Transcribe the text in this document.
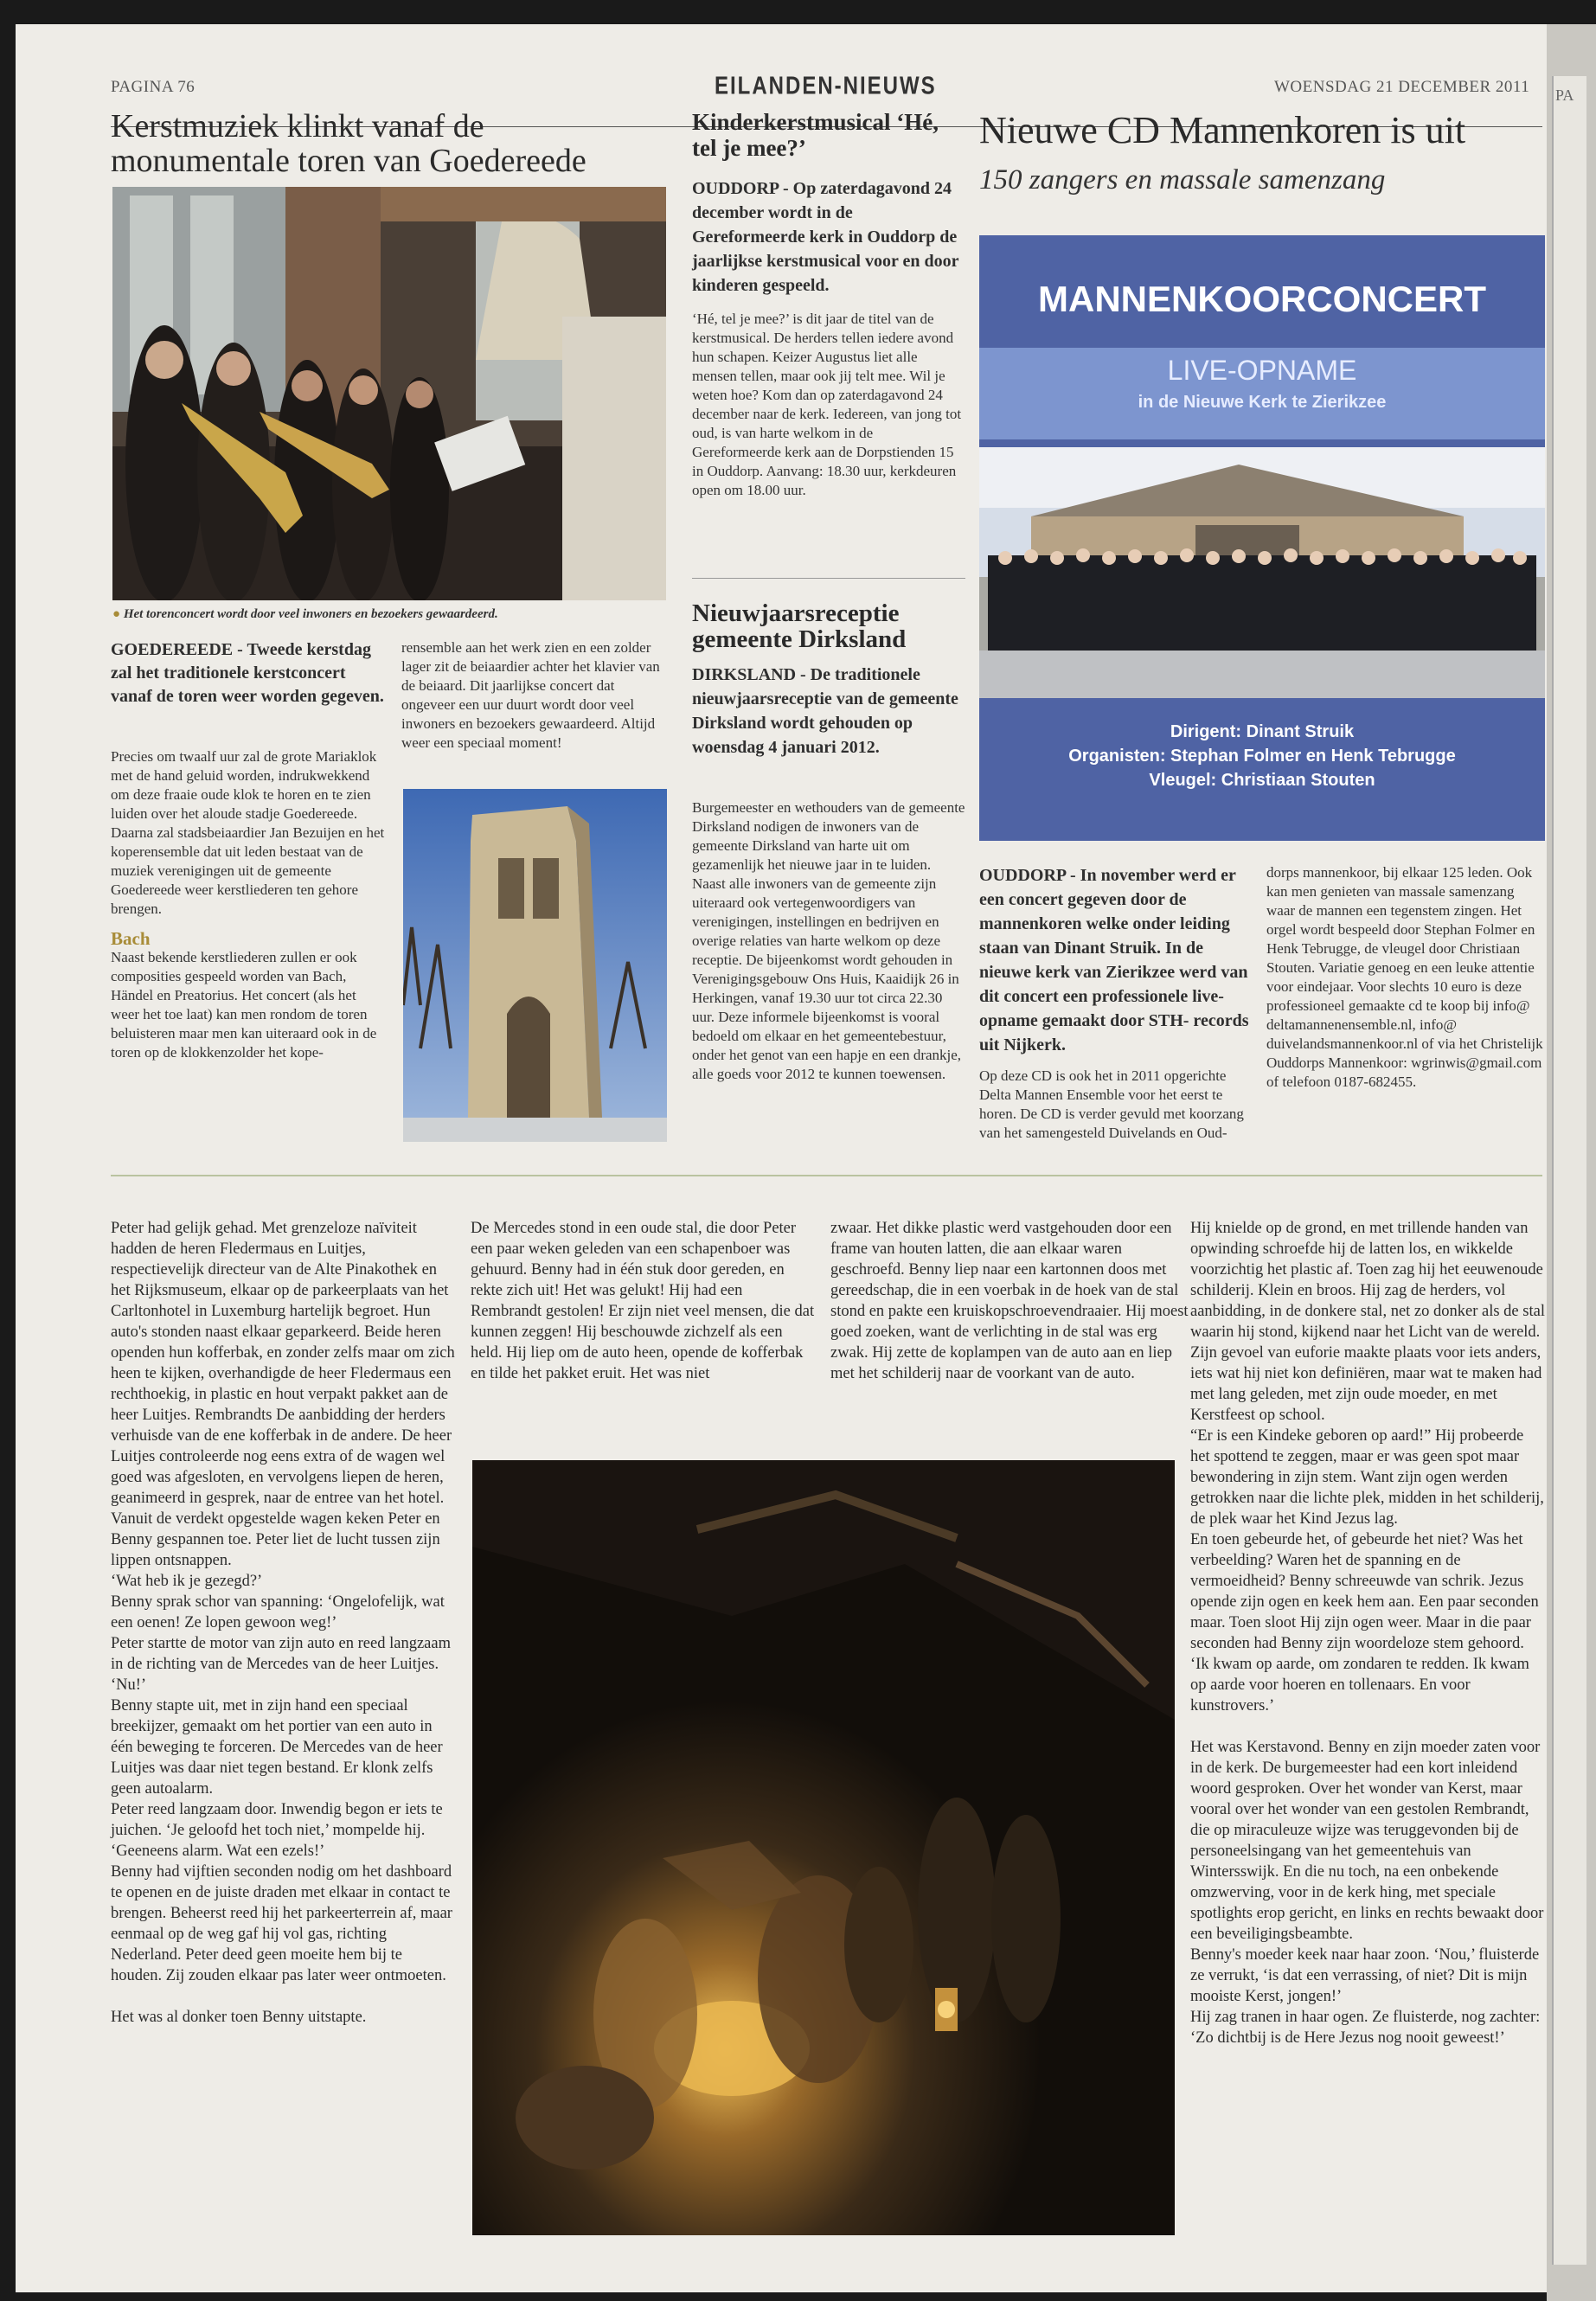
PAGINA 76	EILANDEN-NIEUWS	WOENSDAG 21 DECEMBER 2011
Kerstmuziek klinkt vanaf de monumentale toren van Goedereede
● Het torenconcert wordt door veel inwoners en bezoekers gewaardeerd.
GOEDEREEDE - Tweede kerstdag zal het traditionele kerstconcert vanaf de toren weer worden gegeven.

Precies om twaalf uur zal de grote Mariaklok met de hand geluid worden, indrukwekkend om deze fraaie oude klok te horen en te zien luiden over het aloude stadje Goedereede. Daarna zal stadsbeiaardier Jan Bezuijen en het koperensemble dat uit leden bestaat van de muziek verenigingen uit de gemeente Goedereede weer kerstliederen ten gehore brengen.

Bach

Naast bekende kerstliederen zullen er ook composities gespeeld worden van Bach, Händel en Preatorius. Het concert (als het weer het toe laat) kan men rondom de toren beluisteren maar men kan uiteraard ook in de toren op de klokkenzolder het kope-

rensemble aan het werk zien en een zolder lager zit de beiaardier achter het klavier van de beiaard. Dit jaarlijkse concert dat ongeveer een uur duurt wordt door veel inwoners en bezoekers gewaardeerd. Altijd weer een speciaal moment!
Kinderkerstmusical ‘Hé, tel je mee?’
OUDDORP - Op zaterdagavond 24 december wordt in de Gereformeerde kerk in Ouddorp de jaarlijkse kerstmusical voor en door kinderen gespeeld.
‘Hé, tel je mee?’ is dit jaar de titel van de kerstmusical. De herders tellen iedere avond hun schapen. Keizer Augustus liet alle mensen tellen, maar ook jij telt mee. Wil je weten hoe? Kom dan op zaterdagavond 24 december naar de kerk. Iedereen, van jong tot oud, is van harte welkom in de Gereformeerde kerk aan de Dorpstienden 15 in Ouddorp. Aanvang: 18.30 uur, kerkdeuren open om 18.00 uur.
Nieuwjaarsreceptie gemeente Dirksland
DIRKSLAND - De traditionele nieuwjaarsreceptie van de gemeente Dirksland wordt gehouden op woensdag 4 januari 2012.
Burgemeester en wethouders van de gemeente Dirksland nodigen de inwoners van de gemeente Dirksland van harte uit om gezamenlijk het nieuwe jaar in te luiden. Naast alle inwoners van de gemeente zijn uiteraard ook vertegenwoordigers van verenigingen, instellingen en bedrijven en overige relaties van harte welkom op deze receptie. De bijeenkomst wordt gehouden in Verenigingsgebouw Ons Huis, Kaaidijk 26 in Herkingen, vanaf 19.30 uur tot circa 22.30 uur. Deze informele bijeenkomst is vooral bedoeld om elkaar en het gemeentebestuur, onder het genot van een hapje en een drankje, alle goeds voor 2012 te kunnen toewensen.
Nieuwe CD Mannenkoren is uit
150 zangers en massale samenzang
MANNENKOORCONCERT
LIVE-OPNAME
in de Nieuwe Kerk te Zierikzee
Dirigent: Dinant Struik
Organisten: Stephan Folmer en Henk Tebrugge
Vleugel: Christiaan Stouten
OUDDORP - In november werd er een concert gegeven door de mannenkoren welke onder leiding staan van Dinant Struik. In de nieuwe kerk van Zierikzee werd van dit concert een professionele live-opname gemaakt door STH- records uit Nijkerk.
Op deze CD is ook het in 2011 opgerichte Delta Mannen Ensemble voor het eerst te horen. De CD is verder gevuld met koorzang van het samengesteld Duivelands en Oud-
dorps mannenkoor, bij elkaar 125 leden. Ook kan men genieten van massale samenzang waar de mannen een tegenstem zingen. Het orgel wordt bespeeld door Stephan Folmer en Henk Tebrugge, de vleugel door Christiaan Stouten. Variatie genoeg en een leuke attentie voor eindejaar. Voor slechts 10 euro is deze professioneel gemaakte cd te koop bij info@ deltamannenensemble.nl, info@ duivelandsmannenkoor.nl of via het Christelijk Ouddorps Mannenkoor: wgrinwis@gmail.com of telefoon 0187-682455.

Peter had gelijk gehad. Met grenzeloze naïviteit hadden de heren Fledermaus en Luitjes, respectievelijk directeur van de Alte Pinakothek en het Rijksmuseum, elkaar op de parkeerplaats van het Carltonhotel in Luxemburg hartelijk begroet. Hun auto's stonden naast elkaar geparkeerd. Beide heren openden hun kofferbak, en zonder zelfs maar om zich heen te kijken, overhandigde de heer Fledermaus een rechthoekig, in plastic en hout verpakt pakket aan de heer Luitjes. Rembrandts De aanbidding der herders verhuisde van de ene kofferbak in de andere. De heer Luitjes controleerde nog eens extra of de wagen wel goed was afgesloten, en vervolgens liepen de heren, geanimeerd in gesprek, naar de entree van het hotel. Vanuit de verdekt opgestelde wagen keken Peter en Benny gespannen toe. Peter liet de lucht tussen zijn lippen ontsnappen.

‘Wat heb ik je gezegd?’

Benny sprak schor van spanning: ‘Ongelofelijk, wat een oenen! Ze lopen gewoon weg!’

Peter startte de motor van zijn auto en reed langzaam in de richting van de Mercedes van de heer Luitjes.

‘Nu!’

Benny stapte uit, met in zijn hand een speciaal breekijzer, gemaakt om het portier van een auto in één beweging te forceren. De Mercedes van de heer Luitjes was daar niet tegen bestand. Er klonk zelfs geen autoalarm.

Peter reed langzaam door. Inwendig begon er iets te juichen. ‘Je geloofd het toch niet,’ mompelde hij. ‘Geeneens alarm. Wat een ezels!’

Benny had vijftien seconden nodig om het dashboard te openen en de juiste draden met elkaar in contact te brengen. Beheerst reed hij het parkeerterrein af, maar eenmaal op de weg gaf hij vol gas, richting Nederland. Peter deed geen moeite hem bij te houden. Zij zouden elkaar pas later weer ontmoeten.

Het was al donker toen Benny uitstapte.

De Mercedes stond in een oude stal, die door Peter een paar weken geleden van een schapenboer was gehuurd. Benny had in één stuk door gereden, en rekte zich uit! Het was gelukt! Hij had een Rembrandt gestolen! Er zijn niet veel mensen, die dat kunnen zeggen! Hij beschouwde zichzelf als een held. Hij liep om de auto heen, opende de kofferbak en tilde het pakket eruit. Het was niet
zwaar. Het dikke plastic werd vastgehouden door een frame van houten latten, die aan elkaar waren geschroefd. Benny liep naar een kartonnen doos met gereedschap, die in een voerbak in de hoek van de stal stond en pakte een kruiskopschroevendraaier. Hij moest goed zoeken, want de verlichting in de stal was erg zwak. Hij zette de koplampen van de auto aan en liep met het schilderij naar de voorkant van de auto.

Hij knielde op de grond, en met trillende handen van opwinding schroefde hij de latten los, en wikkelde voorzichtig het plastic af. Toen zag hij het eeuwenoude schilderij. Klein en broos. Hij zag de herders, vol aanbidding, in de donkere stal, net zo donker als de stal waarin hij stond, kijkend naar het Licht van de wereld. Zijn gevoel van euforie maakte plaats voor iets anders, iets wat hij niet kon definiëren, maar wat te maken had met lang geleden, met zijn oude moeder, en met Kerstfeest op school.

“Er is een Kindeke geboren op aard!” Hij probeerde het spottend te zeggen, maar er was geen spot maar bewondering in zijn stem. Want zijn ogen werden getrokken naar die lichte plek, midden in het schilderij, de plek waar het Kind Jezus lag.

En toen gebeurde het, of gebeurde het niet? Was het verbeelding? Waren het de spanning en de vermoeidheid? Benny schreeuwde van schrik. Jezus opende zijn ogen en keek hem aan. Een paar seconden maar. Toen sloot Hij zijn ogen weer. Maar in die paar seconden had Benny zijn woordeloze stem gehoord.

‘Ik kwam op aarde, om zondaren te redden. Ik kwam op aarde voor hoeren en tollenaars. En voor kunstrovers.’

Het was Kerstavond. Benny en zijn moeder zaten voor in de kerk. De burgemeester had een kort inleidend woord gesproken. Over het wonder van Kerst, maar vooral over het wonder van een gestolen Rembrandt, die op miraculeuze wijze was teruggevonden bij de personeelsingang van het gemeentehuis van Wintersswijk. En die nu toch, na een onbekende omzwerving, voor in de kerk hing, met speciale spotlights erop gericht, en links en rechts bewaakt door een beveiligingsbeambte.

Benny's moeder keek naar haar zoon. ‘Nou,’ fluisterde ze verrukt, ‘is dat een verrassing, of niet? Dit is mijn mooiste Kerst, jongen!’

Hij zag tranen in haar ogen. Ze fluisterde, nog zachter: ‘Zo dichtbij is de Here Jezus nog nooit geweest!’

PA
